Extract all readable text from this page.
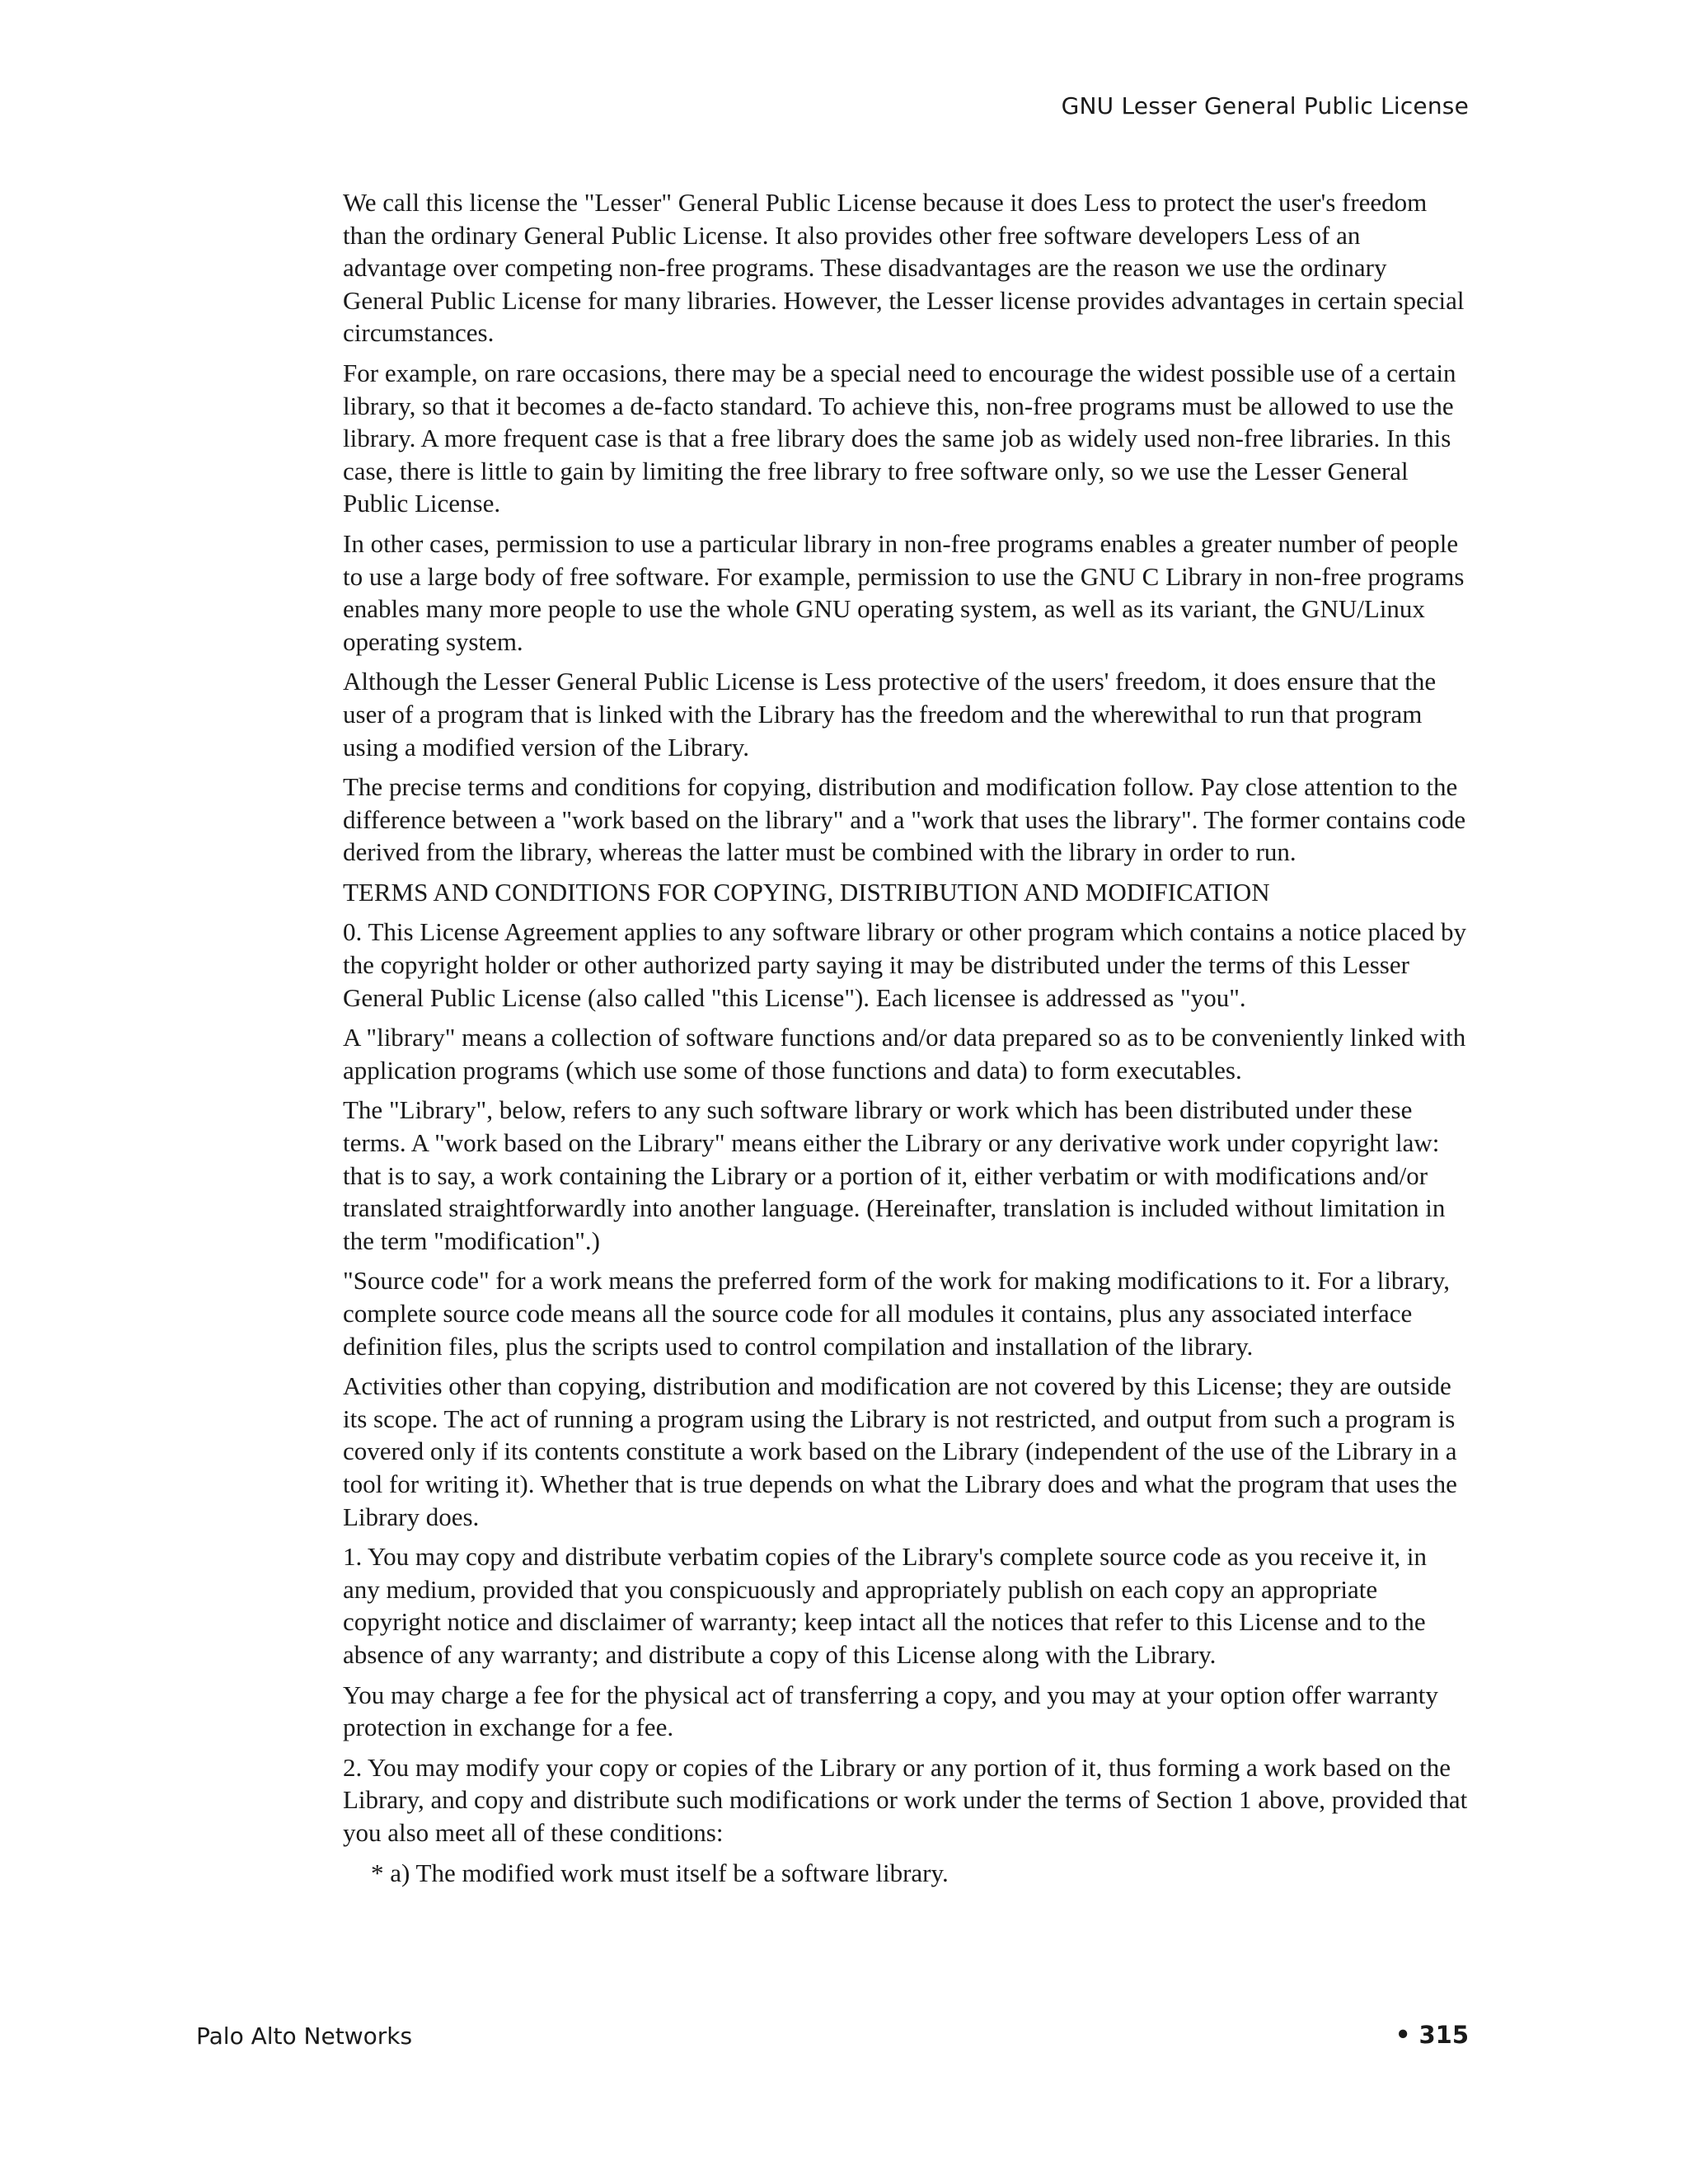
GNU Lesser General Public License

We call this license the "Lesser" General Public License because it does Less to protect the user's freedom than the ordinary General Public License. It also provides other free software developers Less of an advantage over competing non-free programs. These disadvantages are the reason we use the ordinary General Public License for many libraries. However, the Lesser license provides advantages in certain special circumstances.

For example, on rare occasions, there may be a special need to encourage the widest possible use of a certain library, so that it becomes a de-facto standard. To achieve this, non-free programs must be allowed to use the library. A more frequent case is that a free library does the same job as widely used non-free libraries. In this case, there is little to gain by limiting the free library to free software only, so we use the Lesser General Public License.

In other cases, permission to use a particular library in non-free programs enables a greater number of people to use a large body of free software. For example, permission to use the GNU C Library in non-free programs enables many more people to use the whole GNU operating system, as well as its variant, the GNU/Linux operating system.

Although the Lesser General Public License is Less protective of the users' freedom, it does ensure that the user of a program that is linked with the Library has the freedom and the wherewithal to run that program using a modified version of the Library.

The precise terms and conditions for copying, distribution and modification follow. Pay close attention to the difference between a "work based on the library" and a "work that uses the library". The former contains code derived from the library, whereas the latter must be combined with the library in order to run.

TERMS AND CONDITIONS FOR COPYING, DISTRIBUTION AND MODIFICATION

0. This License Agreement applies to any software library or other program which contains a notice placed by the copyright holder or other authorized party saying it may be distributed under the terms of this Lesser General Public License (also called "this License"). Each licensee is addressed as "you".

A "library" means a collection of software functions and/or data prepared so as to be conveniently linked with application programs (which use some of those functions and data) to form executables.

The "Library", below, refers to any such software library or work which has been distributed under these terms. A "work based on the Library" means either the Library or any derivative work under copyright law: that is to say, a work containing the Library or a portion of it, either verbatim or with modifications and/or translated straightforwardly into another language. (Hereinafter, translation is included without limitation in the term "modification".)

"Source code" for a work means the preferred form of the work for making modifications to it. For a library, complete source code means all the source code for all modules it contains, plus any associated interface definition files, plus the scripts used to control compilation and installation of the library.

Activities other than copying, distribution and modification are not covered by this License; they are outside its scope. The act of running a program using the Library is not restricted, and output from such a program is covered only if its contents constitute a work based on the Library (independent of the use of the Library in a tool for writing it). Whether that is true depends on what the Library does and what the program that uses the Library does.

1. You may copy and distribute verbatim copies of the Library's complete source code as you receive it, in any medium, provided that you conspicuously and appropriately publish on each copy an appropriate copyright notice and disclaimer of warranty; keep intact all the notices that refer to this License and to the absence of any warranty; and distribute a copy of this License along with the Library.

You may charge a fee for the physical act of transferring a copy, and you may at your option offer warranty protection in exchange for a fee.

2. You may modify your copy or copies of the Library or any portion of it, thus forming a work based on the Library, and copy and distribute such modifications or work under the terms of Section 1 above, provided that you also meet all of these conditions:

* a) The modified work must itself be a software library.

Palo Alto Networks	• 315
